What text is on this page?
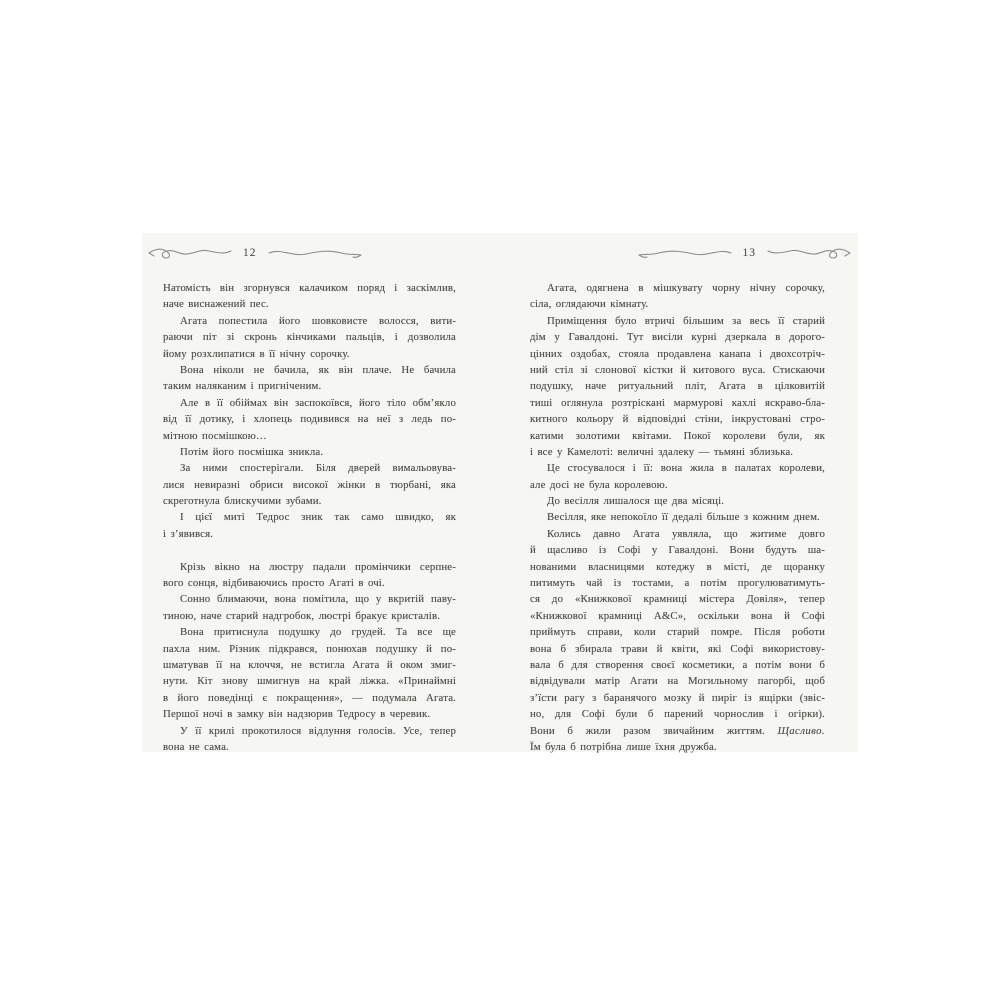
12
Натомість він згорнувся калачиком поряд і заскімлив,
наче виснажений пес.
Агата попестила його шовковисте волосся, вити-
раючи піт зі скронь кінчиками пальців, і дозволила
йому розхлипатися в її нічну сорочку.
Вона ніколи не бачила, як він плаче. Не бачила
таким наляканим і пригніченим.
Але в її обіймах він заспокоївся, його тіло обм’якло
від її дотику, і хлопець подивився на неї з ледь по-
мітною посмішкою…
Потім його посмішка зникла.
За ними спостерігали. Біля дверей вимальовува-
лися невиразні обриси високої жінки в тюрбані, яка
скреготнула блискучими зубами.
І цієї миті Тедрос зник так само швидко, як
і з’явився.
Крізь вікно на люстру падали промінчики серпне-
вого сонця, відбиваючись просто Агаті в очі.
Сонно блимаючи, вона помітила, що у вкритій паву-
тиною, наче старий надгробок, люстрі бракує кристалів.
Вона притиснула подушку до грудей. Та все ще
пахла ним. Різник підкрався, понюхав подушку й по-
шматував її на клоччя, не встигла Агата й оком змиг-
нути. Кіт знову шмигнув на край ліжка. «Принаймні
в його поведінці є покращення», — подумала Агата.
Першої ночі в замку він надзюрив Тедросу в черевик.
У її крилі прокотилося відлуння голосів. Усе, тепер
вона не сама.
13
Агата, одягнена в мішкувату чорну нічну сорочку,
сіла, оглядаючи кімнату.
Приміщення було втричі більшим за весь її старий
дім у Гавалдоні. Тут висіли курні дзеркала в дорого-
цінних оздобах, стояла продавлена канапа і двохсотріч-
ний стіл зі слонової кістки й китового вуса. Стискаючи
подушку, наче ритуальний пліт, Агата в цілковитій
тиші оглянула розтріскані мармурові кахлі яскраво-бла-
китного кольору й відповідні стіни, інкрустовані стро-
катими золотими квітами. Покої королеви були, як
і все у Камелоті: величні здалеку — тьмяні зблизька.
Це стосувалося і її: вона жила в палатах королеви,
але досі не була королевою.
До весілля лишалося ще два місяці.
Весілля, яке непокоїло її дедалі більше з кожним днем.
Колись давно Агата уявляла, що житиме довго
й щасливо із Софі у Гавалдоні. Вони будуть ша-
нованими власницями котеджу в місті, де щоранку
питимуть чай із тостами, а потім прогулюватимуть-
ся до «Книжкової крамниці містера Довіля», тепер
«Книжкової крамниці A&C», оскільки вона й Софі
приймуть справи, коли старий помре. Після роботи
вона б збирала трави й квіти, які Софі використову-
вала б для створення своєї косметики, а потім вони б
відвідували матір Агати на Могильному пагорбі, щоб
з’їсти рагу з баранячого мозку й пиріг із ящірки (звіс-
но, для Софі були б парений чорнослив і огірки).
Вони б жили разом звичайним життям. Щасливо.
Їм була б потрібна лише їхня дружба.
